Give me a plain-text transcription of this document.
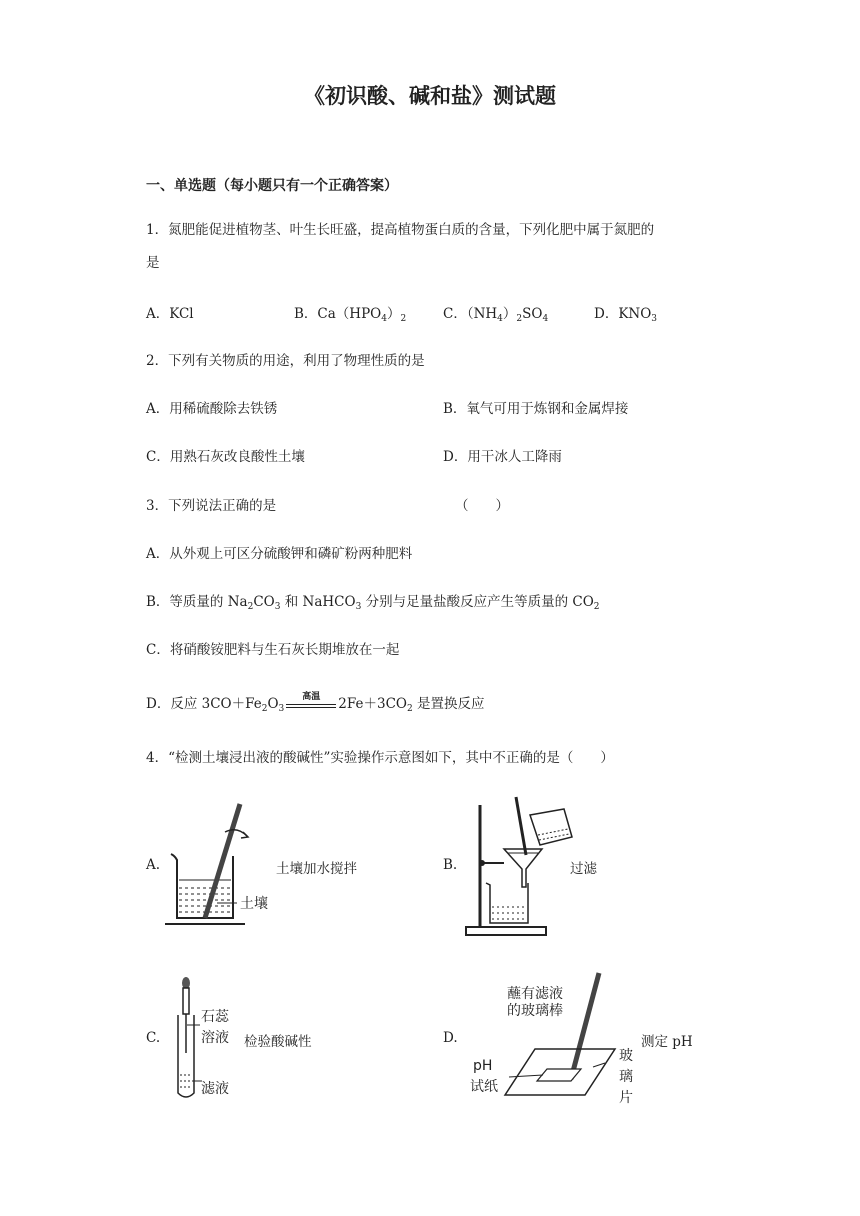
《初识酸、碱和盐》测试题
一、单选题（每小题只有一个正确答案）
1．氮肥能促进植物茎、叶生长旺盛，提高植物蛋白质的含量，下列化肥中属于氮肥的
是
A．KCl	B．$Ca(HPO_4)_2$	C．$(NH_4)_2SO_4$	D．$KNO_3$
2．下列有关物质的用途，利用了物理性质的是
A．用稀硫酸除去铁锈	B．氧气可用于炼钢和金属焊接
C．用熟石灰改良酸性土壤	D．用干冰人工降雨
3．下列说法正确的是	（　　）
A．从外观上可区分硫酸钾和磷矿粉两种肥料
B．等质量的 $Na_2CO_3$ 和 NaHCO$_3$ 分别与足量盐酸反应产生等质量的 $CO_2$
C．将硝酸铵肥料与生石灰长期堆放在一起
D．反应 $3CO+Fe_2O_3$
高温	$2Fe+3CO_2$ 是置换反应
4．“检测土壤浸出液的酸碱性”实验操作示意图如下，其中不正确的是（　　）
A.
土壤
土壤加水搅拌	B.	过滤
C.
石蕊
溶液
滤液
检验酸碱性	D.
蘸有滤液
的玻璃棒
pH
试纸
玻
璃
片
测定 pH
